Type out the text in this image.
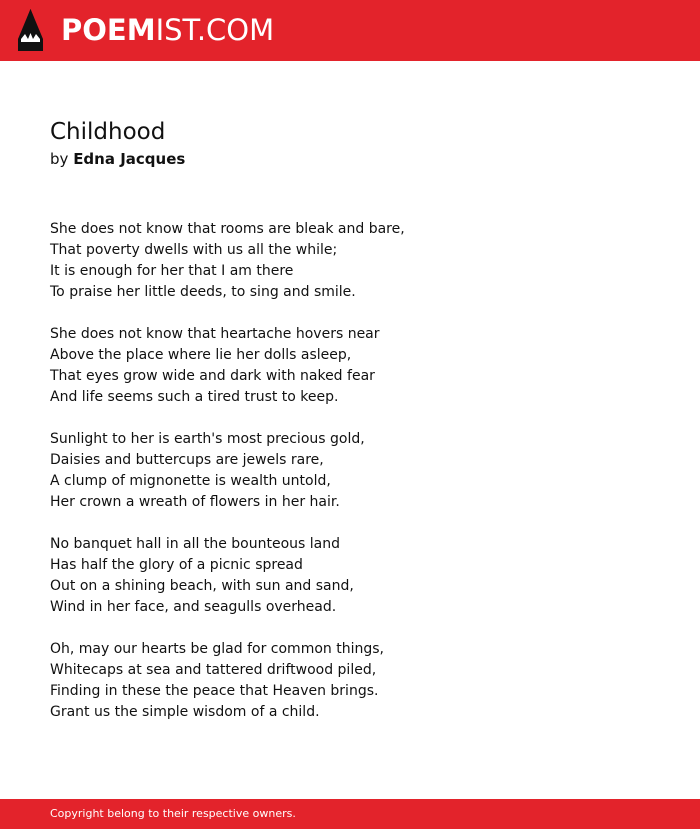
POEMIST.COM
Childhood
by Edna Jacques
She does not know that rooms are bleak and bare,
That poverty dwells with us all the while;
It is enough for her that I am there
To praise her little deeds, to sing and smile.
She does not know that heartache hovers near
Above the place where lie her dolls asleep,
That eyes grow wide and dark with naked fear
And life seems such a tired trust to keep.
Sunlight to her is earth's most precious gold,
Daisies and buttercups are jewels rare,
A clump of mignonette is wealth untold,
Her crown a wreath of flowers in her hair.
No banquet hall in all the bounteous land
Has half the glory of a picnic spread
Out on a shining beach, with sun and sand,
Wind in her face, and seagulls overhead.
Oh, may our hearts be glad for common things,
Whitecaps at sea and tattered driftwood piled,
Finding in these the peace that Heaven brings.
Grant us the simple wisdom of a child.
Copyright belong to their respective owners.
